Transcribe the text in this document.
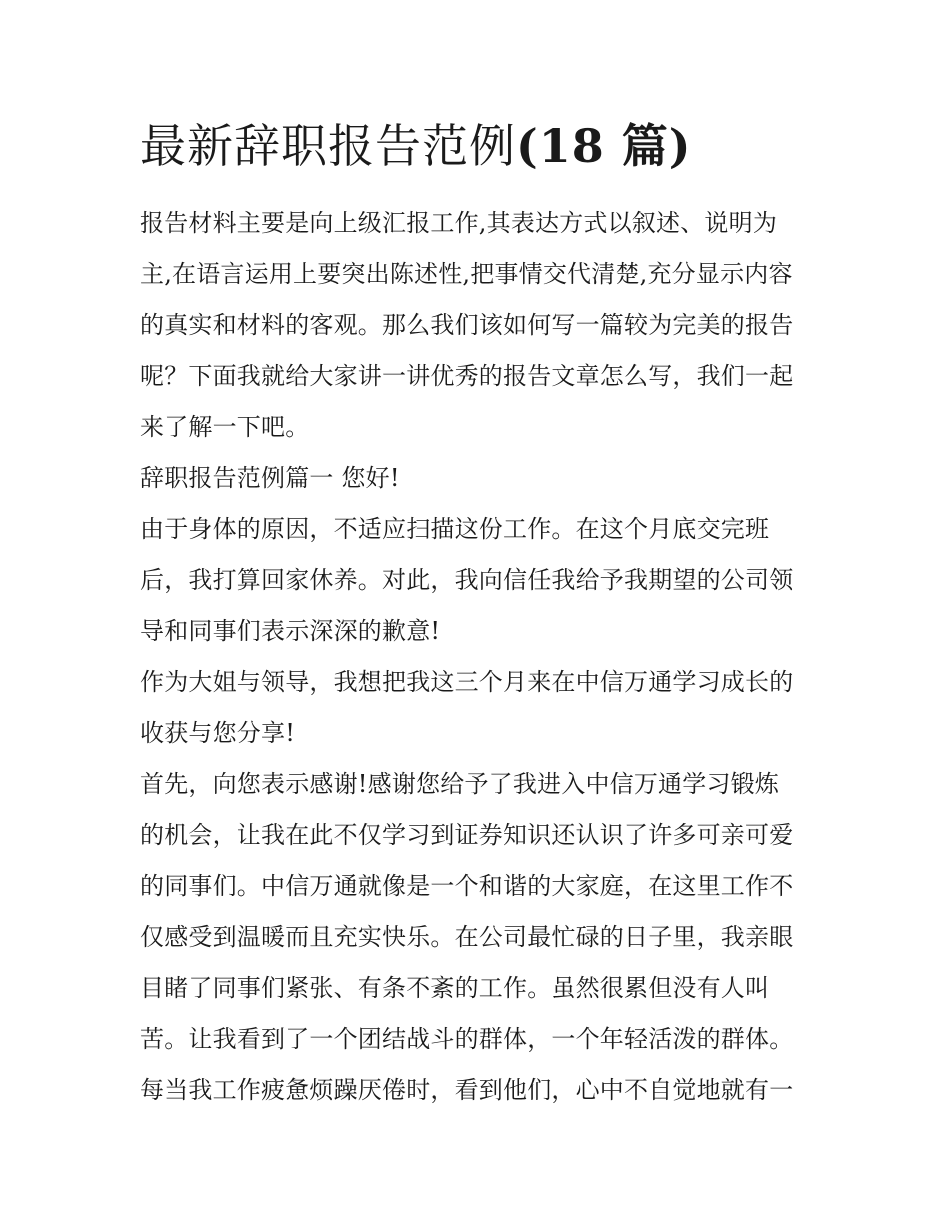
最新辞职报告范例(18 篇)
报告材料主要是向上级汇报工作,其表达方式以叙述、说明为
主,在语言运用上要突出陈述性,把事情交代清楚,充分显示内容
的真实和材料的客观。那么我们该如何写一篇较为完美的报告
呢？下面我就给大家讲一讲优秀的报告文章怎么写，我们一起
来了解一下吧。
辞职报告范例篇一 您好!
由于身体的原因，不适应扫描这份工作。在这个月底交完班
后，我打算回家休养。对此，我向信任我给予我期望的公司领
导和同事们表示深深的歉意!
作为大姐与领导，我想把我这三个月来在中信万通学习成长的
收获与您分享!
首先，向您表示感谢!感谢您给予了我进入中信万通学习锻炼
的机会，让我在此不仅学习到证券知识还认识了许多可亲可爱
的同事们。中信万通就像是一个和谐的大家庭，在这里工作不
仅感受到温暖而且充实快乐。在公司最忙碌的日子里，我亲眼
目睹了同事们紧张、有条不紊的工作。虽然很累但没有人叫
苦。让我看到了一个团结战斗的群体，一个年轻活泼的群体。
每当我工作疲惫烦躁厌倦时，看到他们，心中不自觉地就有一
